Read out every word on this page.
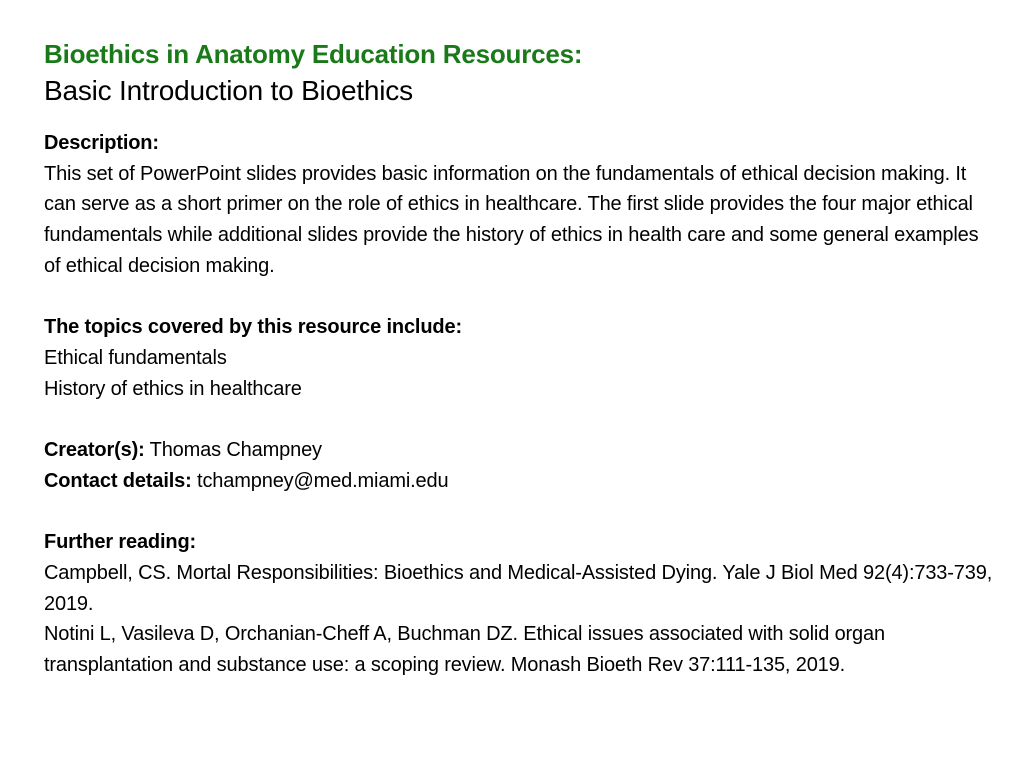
Bioethics in Anatomy Education Resources:
Basic Introduction to Bioethics
Description:

This set of PowerPoint slides provides basic information on the fundamentals of ethical decision making. It can serve as a short primer on the role of ethics in healthcare. The first slide provides the four major ethical fundamentals while additional slides provide the history of ethics in health care and some general examples of ethical decision making.

The topics covered by this resource include:
Ethical fundamentals
History of ethics in healthcare
Creator(s): Thomas Champney
Contact details: tchampney@med.miami.edu
Further reading:

Campbell, CS. Mortal Responsibilities: Bioethics and Medical-Assisted Dying. Yale J Biol Med 92(4):733-739, 2019.

Notini L, Vasileva D, Orchanian-Cheff A, Buchman DZ. Ethical issues associated with solid organ transplantation and substance use: a scoping review. Monash Bioeth Rev 37:111-135, 2019.
